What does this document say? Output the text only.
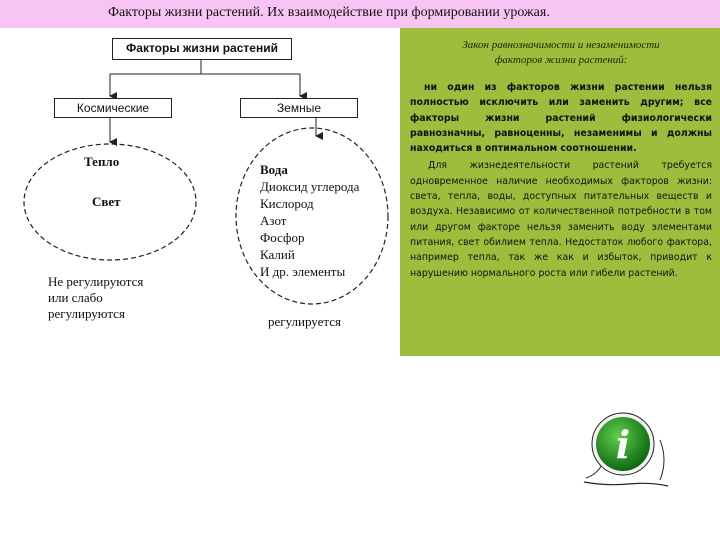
Факторы жизни растений. Их взаимодействие при формировании урожая.
Факторы жизни растений
Космические	Земные
Тепло
Свет
Вода
Диоксид углерода
Кислород
Азот
Фосфор
Калий
И др. элементы
Не регулируются
или слабо
регулируются
регулируется
Закон равнозначимости и незаменимости
факторов жизни растений:

ни один из факторов жизни растении нельзя полностью исключить или заменить другим; все факторы жизни растений физиологически равнозначны, равноценны, незаменимы и должны находиться в оптимальном соотношении.

Для жизнедеятельности растений требуется одновременное наличие необходимых факторов жизни: света, тепла, воды, доступных питательных веществ и воздуха. Независимо от количественной потребности в том или другом факторе нельзя заменить воду элементами питания, свет обилием тепла. Недостаток любого фактора, например тепла, так же как и избыток, приводит к нарушению нормального роста или гибели растений.

i
